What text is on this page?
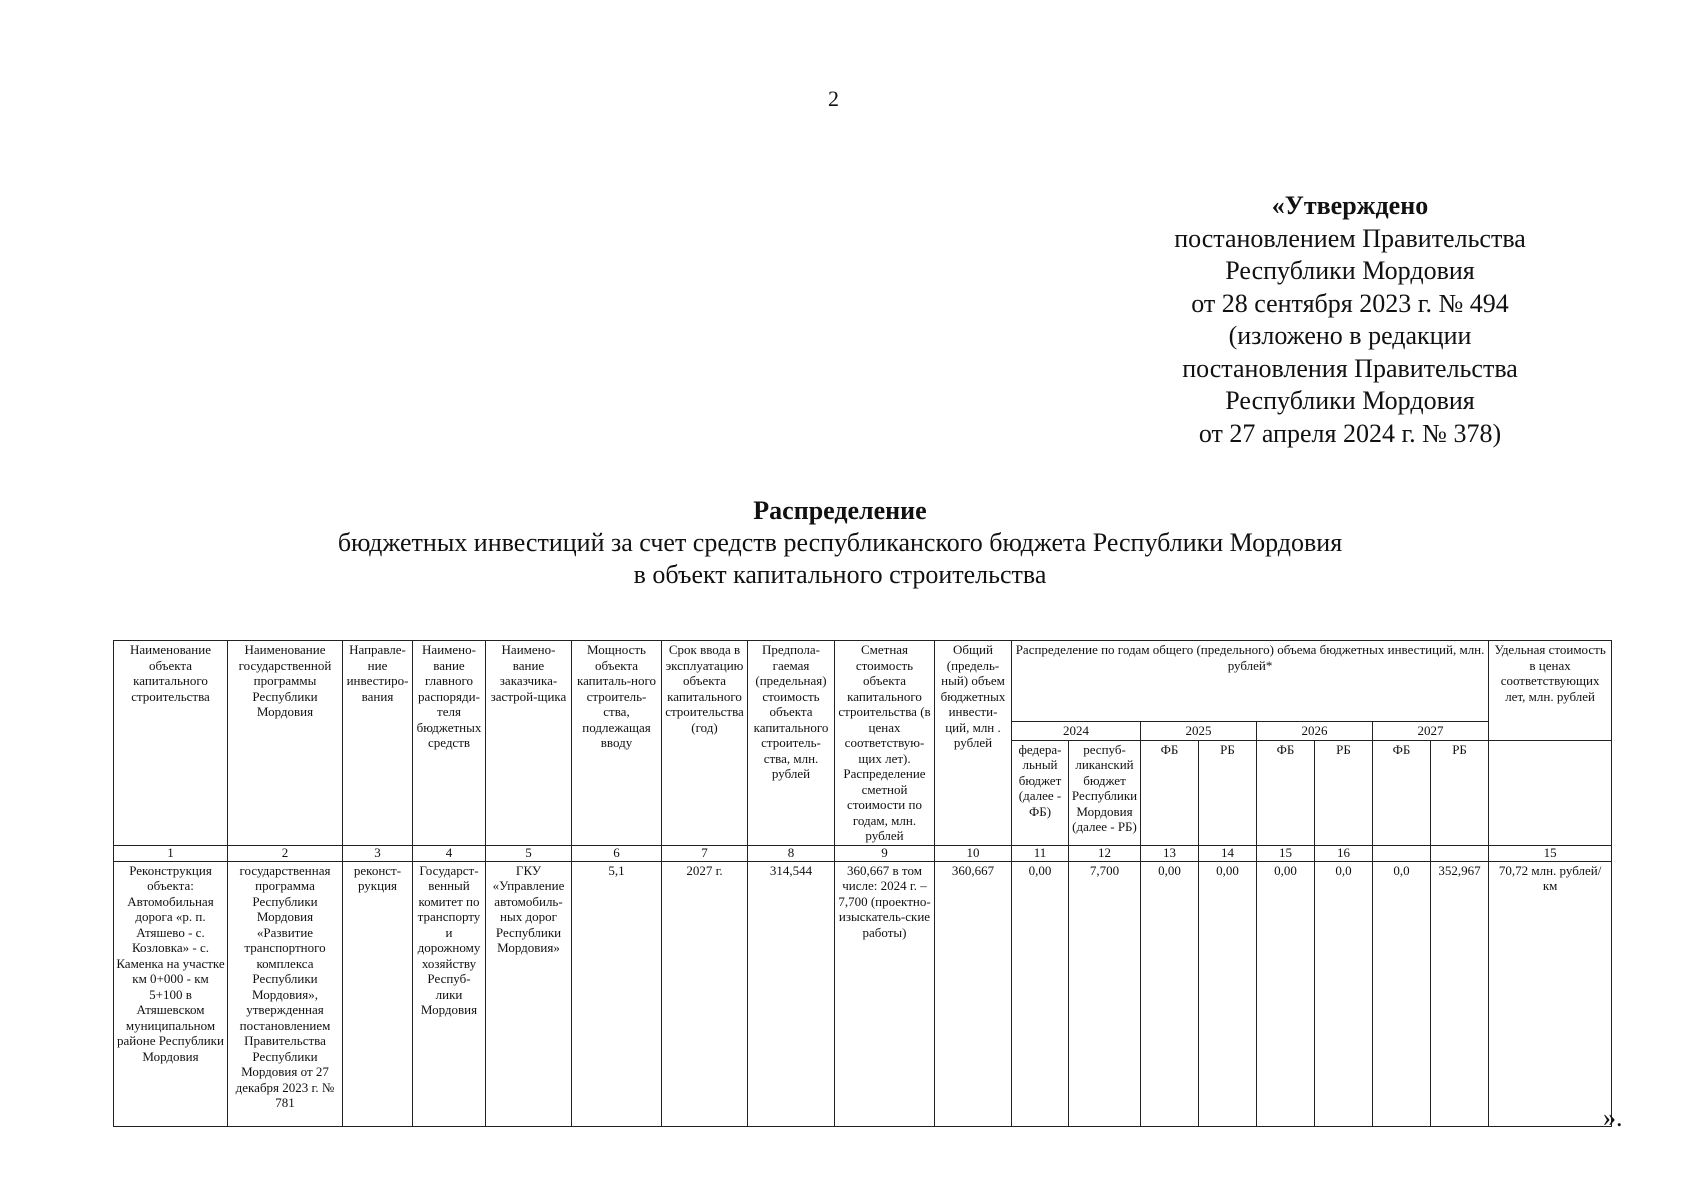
2
«Утверждено
постановлением Правительства
Республики Мордовия
от 28 сентября 2023 г. № 494
(изложено в редакции
постановления Правительства
Республики Мордовия
от 27 апреля 2024 г. № 378)
Распределение
бюджетных инвестиций за счет средств республиканского бюджета Республики Мордовия
в объект капитального строительства
Наименование объекта капитального строительства	Наименование государственной программы Республики Мордовия	Направле-ние инвестиро-вания	Наимено-вание главного распоряди-теля бюджетных средств	Наимено-вание заказчика-застрой-щика	Мощность объекта капиталь-ного строитель-ства, подлежащая вводу	Срок ввода в эксплуатацию объекта капитального строительства (год)	Предпола-гаемая (предельная) стоимость объекта капитального строитель-ства, млн. рублей	Сметная стоимость объекта капитального строительства (в ценах соответствую-щих лет). Распределение сметной стоимости по годам, млн. рублей	Общий (предель-ный) объем бюджетных инвести-ций, млн . рублей	Распределение по годам общего (предельного) объема бюджетных инвестиций, млн. рублей*								Удельная стоимость в ценах соответствующих лет, млн. рублей
										2024		2025		2026		2027		
										федера-льный бюджет (далее - ФБ)	респуб-ликанский бюджет Республики Мордовия (далее - РБ)	ФБ	РБ	ФБ	РБ	ФБ	РБ	
1	2	3	4	5	6	7	8	9	10	11	12	13	14	15	16			15
Реконструкция объекта: Автомобильная дорога «р. п. Атяшево - с. Козловка» - с. Каменка на участке км 0+000 - км 5+100 в Атяшевском муниципальном районе Республики Мордовия	государственная программа Республики Мордовия «Развитие транспортного комплекса Республики Мордовия», утвержденная постановлением Правительства Республики Мордовия от 27 декабря 2023 г. № 781	реконст-рукция	Государст-венный комитет по транспорту и дорожному хозяйству Респуб-лики Мордовия	ГКУ «Управление автомобиль-ных дорог Республики Мордовия»	5,1	2027 г.	314,544	360,667 в том числе: 2024 г. – 7,700 (проектно-изыскатель-ские работы)	360,667	0,00	7,700	0,00	0,00	0,00	0,0	0,0	352,967	70,72 млн. рублей/ км
».
